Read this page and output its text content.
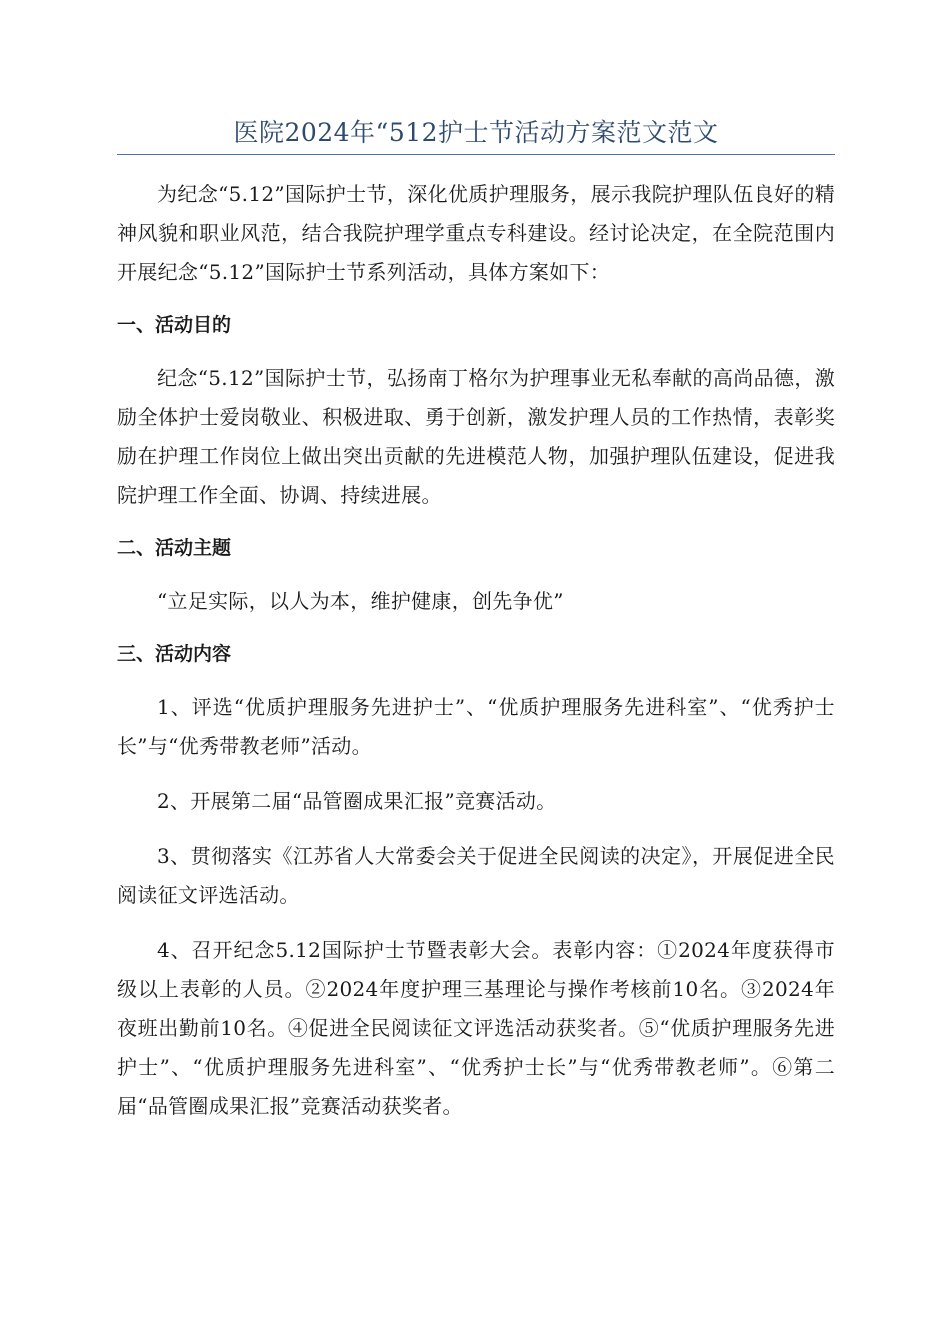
医院2024年“512护士节活动方案范文范文

为纪念“5.12”国际护士节，深化优质护理服务，展示我院护理队伍良好的精神风貌和职业风范，结合我院护理学重点专科建设。经讨论决定，在全院范围内开展纪念“5.12”国际护士节系列活动，具体方案如下：

一、活动目的

纪念“5.12”国际护士节，弘扬南丁格尔为护理事业无私奉献的高尚品德，激励全体护士爱岗敬业、积极进取、勇于创新，激发护理人员的工作热情，表彰奖励在护理工作岗位上做出突出贡献的先进模范人物，加强护理队伍建设，促进我院护理工作全面、协调、持续进展。

二、活动主题

“立足实际，以人为本，维护健康，创先争优”

三、活动内容

1、评选“优质护理服务先进护士”、“优质护理服务先进科室”、“优秀护士长”与“优秀带教老师”活动。

2、开展第二届“品管圈成果汇报”竞赛活动。

3、贯彻落实《江苏省人大常委会关于促进全民阅读的决定》，开展促进全民阅读征文评选活动。

4、召开纪念5.12国际护士节暨表彰大会。表彰内容：①2024年度获得市级以上表彰的人员。②2024年度护理三基理论与操作考核前10名。③2024年夜班出勤前10名。④促进全民阅读征文评选活动获奖者。⑤“优质护理服务先进护士”、“优质护理服务先进科室”、“优秀护士长”与“优秀带教老师”。⑥第二届“品管圈成果汇报”竞赛活动获奖者。
